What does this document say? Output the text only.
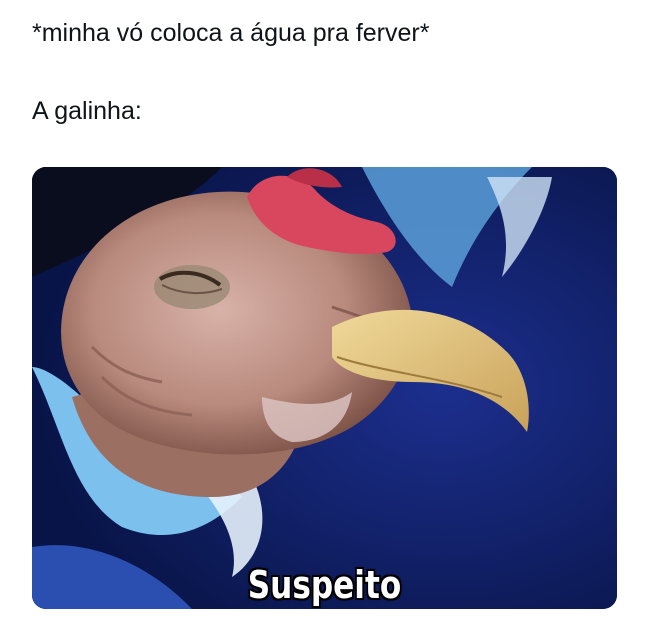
*minha vó coloca a água pra ferver*
A galinha:
Suspeito
